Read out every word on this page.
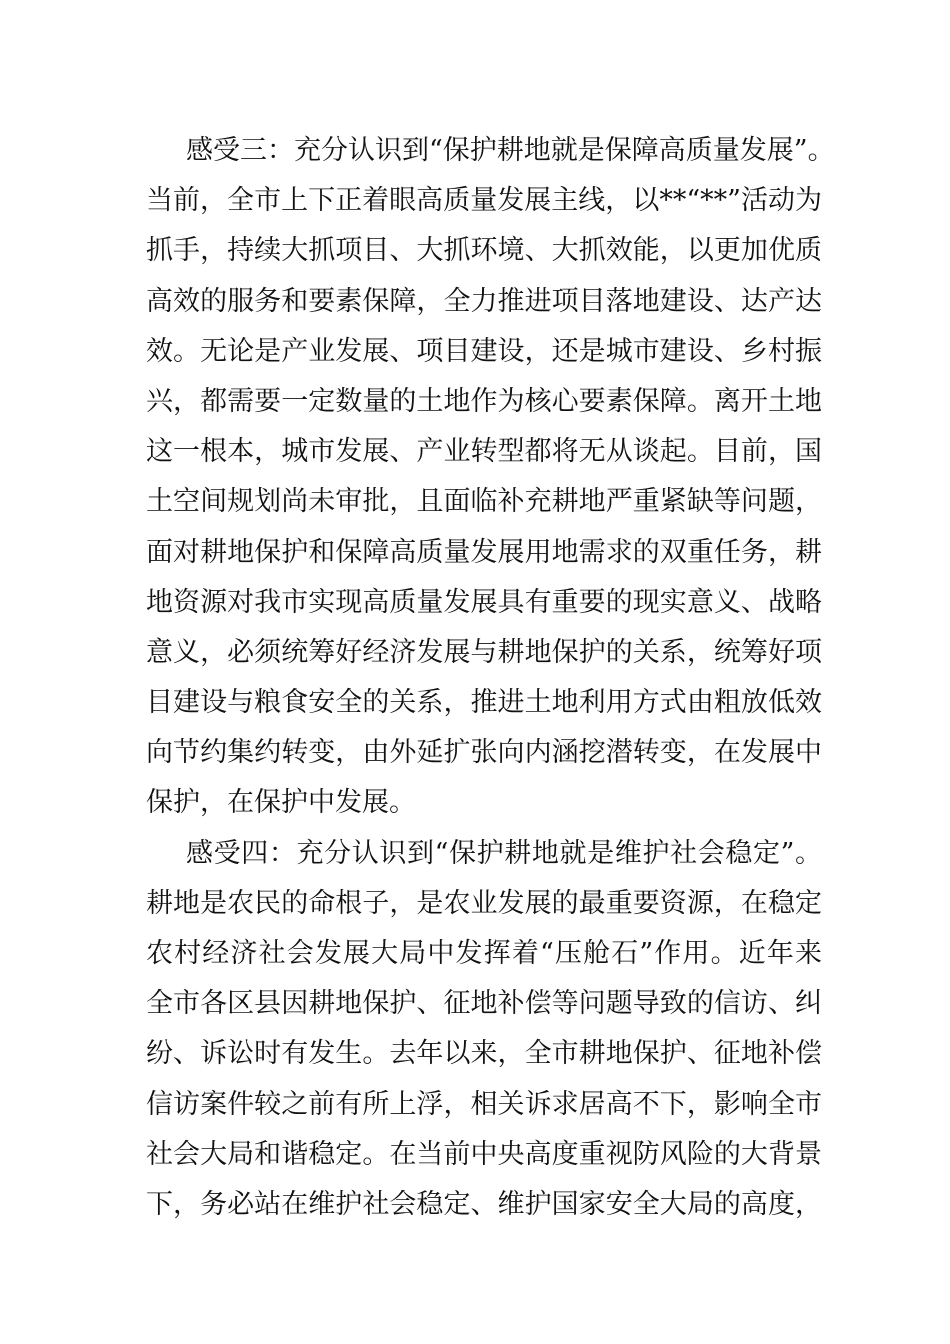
感受三：充分认识到“保护耕地就是保障高质量发展”。
当前，全市上下正着眼高质量发展主线，以**“**”活动为
抓手，持续大抓项目、大抓环境、大抓效能，以更加优质
高效的服务和要素保障，全力推进项目落地建设、达产达
效。无论是产业发展、项目建设，还是城市建设、乡村振
兴，都需要一定数量的土地作为核心要素保障。离开土地
这一根本，城市发展、产业转型都将无从谈起。目前，国
土空间规划尚未审批，且面临补充耕地严重紧缺等问题，
面对耕地保护和保障高质量发展用地需求的双重任务，耕
地资源对我市实现高质量发展具有重要的现实意义、战略
意义，必须统筹好经济发展与耕地保护的关系，统筹好项
目建设与粮食安全的关系，推进土地利用方式由粗放低效
向节约集约转变，由外延扩张向内涵挖潜转变，在发展中
保护，在保护中发展。
感受四：充分认识到“保护耕地就是维护社会稳定”。
耕地是农民的命根子，是农业发展的最重要资源，在稳定
农村经济社会发展大局中发挥着“压舱石”作用。近年来
全市各区县因耕地保护、征地补偿等问题导致的信访、纠
纷、诉讼时有发生。去年以来，全市耕地保护、征地补偿
信访案件较之前有所上浮，相关诉求居高不下，影响全市
社会大局和谐稳定。在当前中央高度重视防风险的大背景
下，务必站在维护社会稳定、维护国家安全大局的高度，
